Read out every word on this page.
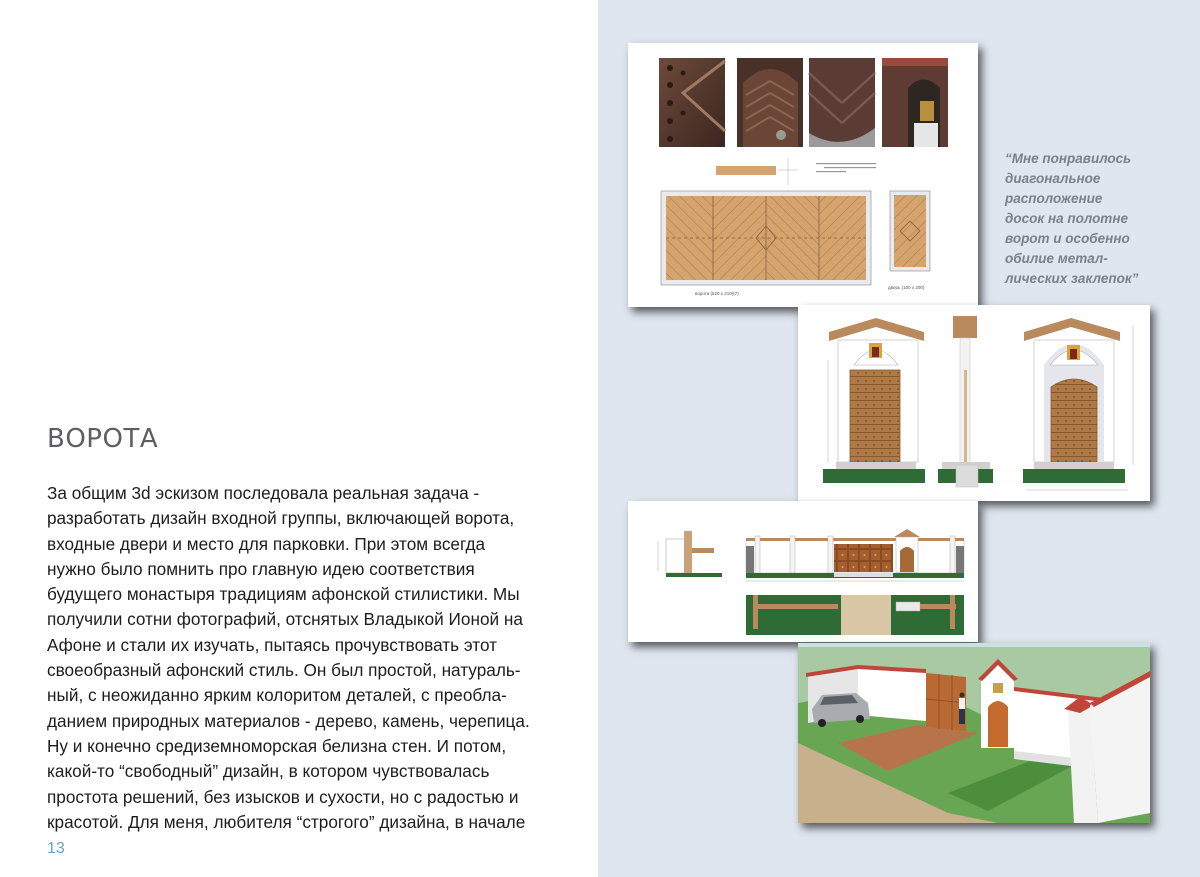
ВОРОТА
За общим 3d эскизом последовала реальная задача -
разработать дизайн входной группы, включающей ворота,
входные двери и место для парковки. При этом всегда
нужно было помнить про главную идею соответствия
будущего монастыря традициям афонской стилистики. Мы
получили сотни фотографий, отснятых Владыкой Ионой на
Афоне и стали их изучать, пытаясь прочувствовать этот
своеобразный афонский стиль. Он был простой, натураль-
ный, с неожиданно ярким колоритом деталей, с преобла-
данием природных материалов - дерево, камень, черепица.
Ну и конечно средиземноморская белизна стен. И потом,
какой-то “свободный” дизайн, в котором чувствовалась
простота решений, без изысков и сухости, но с радостью и
красотой. Для меня, любителя “строгого” дизайна, в начале
13
“Мне понравилось
диагональное
расположение
досок на полотне
ворот и особенно
обилие метал-
лических заклепок”
ворота (520 x 210)(7)
дверь (100 x 200)
